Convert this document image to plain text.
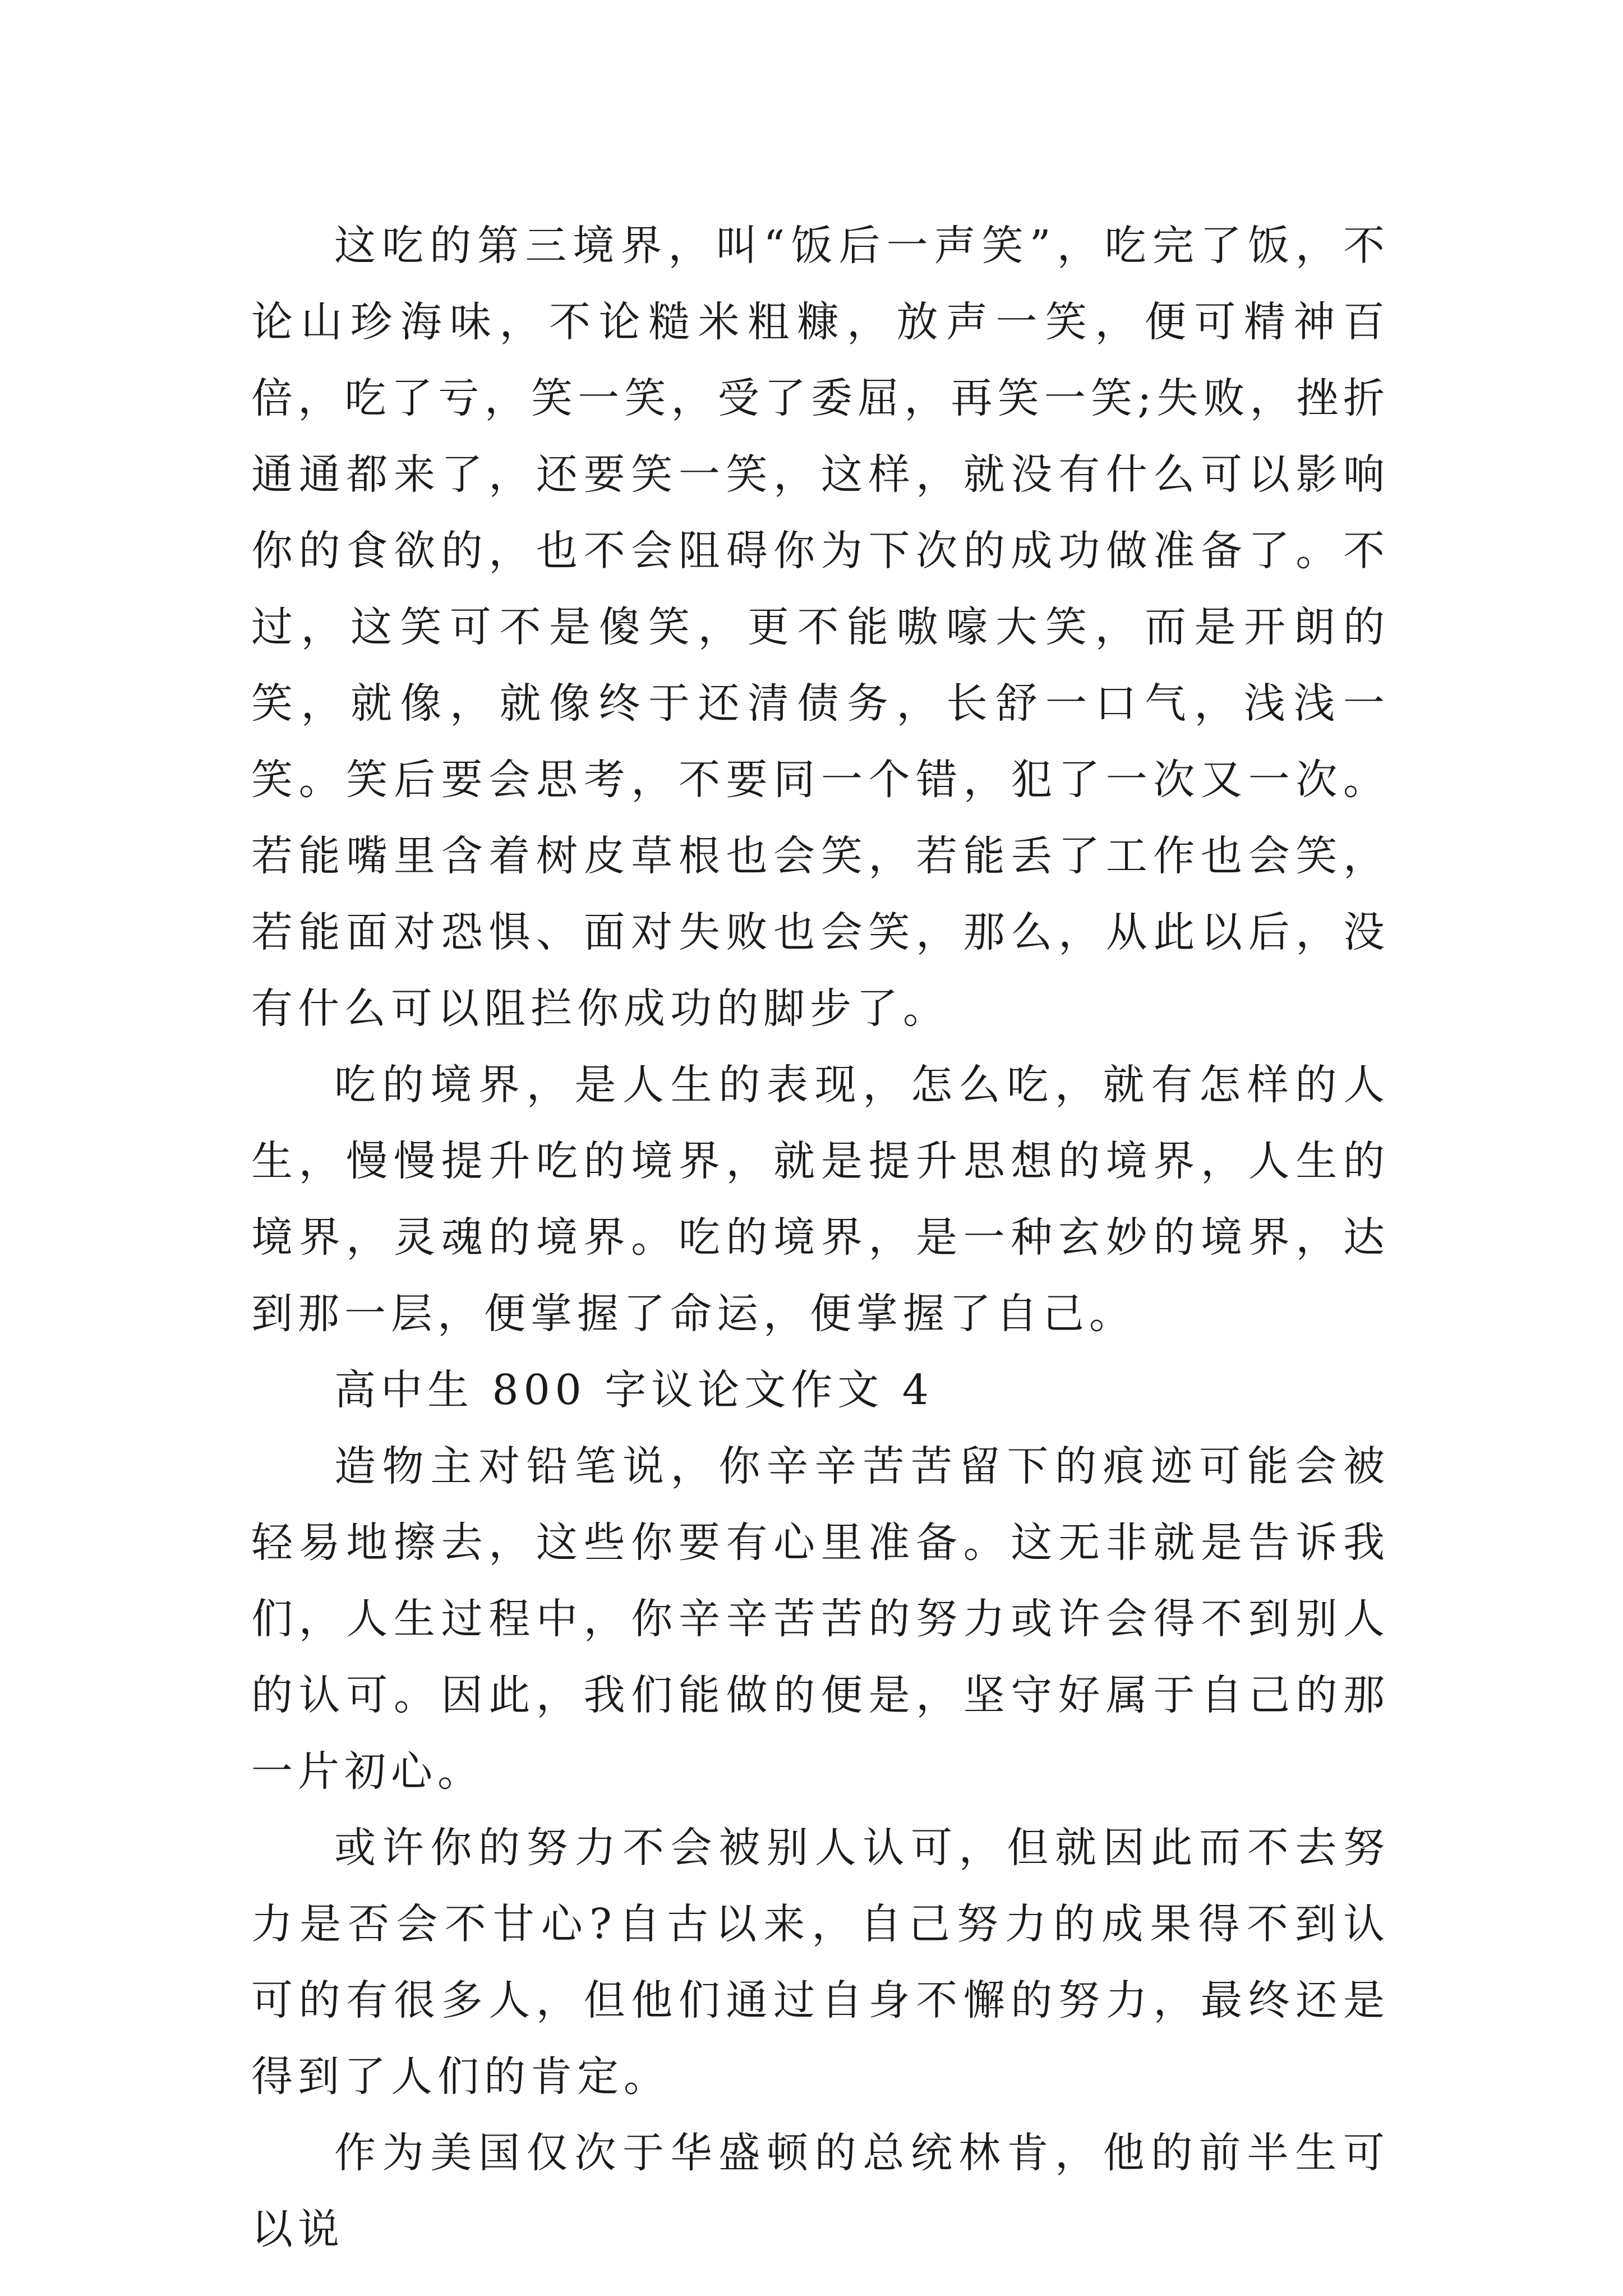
这吃的第三境界，叫“饭后一声笑”，吃完了饭，不论山珍海味，不论糙米粗糠，放声一笑，便可精神百倍，吃了亏，笑一笑，受了委屈，再笑一笑;失败，挫折通通都来了，还要笑一笑，这样，就没有什么可以影响你的食欲的，也不会阻碍你为下次的成功做准备了。不过，这笑可不是傻笑，更不能嗷嚎大笑，而是开朗的笑，就像，就像终于还清债务，长舒一口气，浅浅一笑。笑后要会思考，不要同一个错，犯了一次又一次。若能嘴里含着树皮草根也会笑，若能丢了工作也会笑，若能面对恐惧、面对失败也会笑，那么，从此以后，没有什么可以阻拦你成功的脚步了。

吃的境界，是人生的表现，怎么吃，就有怎样的人生，慢慢提升吃的境界，就是提升思想的境界，人生的境界，灵魂的境界。吃的境界，是一种玄妙的境界，达到那一层，便掌握了命运，便掌握了自己。

高中生 800 字议论文作文 4

造物主对铅笔说，你辛辛苦苦留下的痕迹可能会被轻易地擦去，这些你要有心里准备。这无非就是告诉我们，人生过程中，你辛辛苦苦的努力或许会得不到别人的认可。因此，我们能做的便是，坚守好属于自己的那一片初心。

或许你的努力不会被别人认可，但就因此而不去努力是否会不甘心?自古以来，自己努力的成果得不到认可的有很多人，但他们通过自身不懈的努力，最终还是得到了人们的肯定。

作为美国仅次于华盛顿的总统林肯，他的前半生可以说
